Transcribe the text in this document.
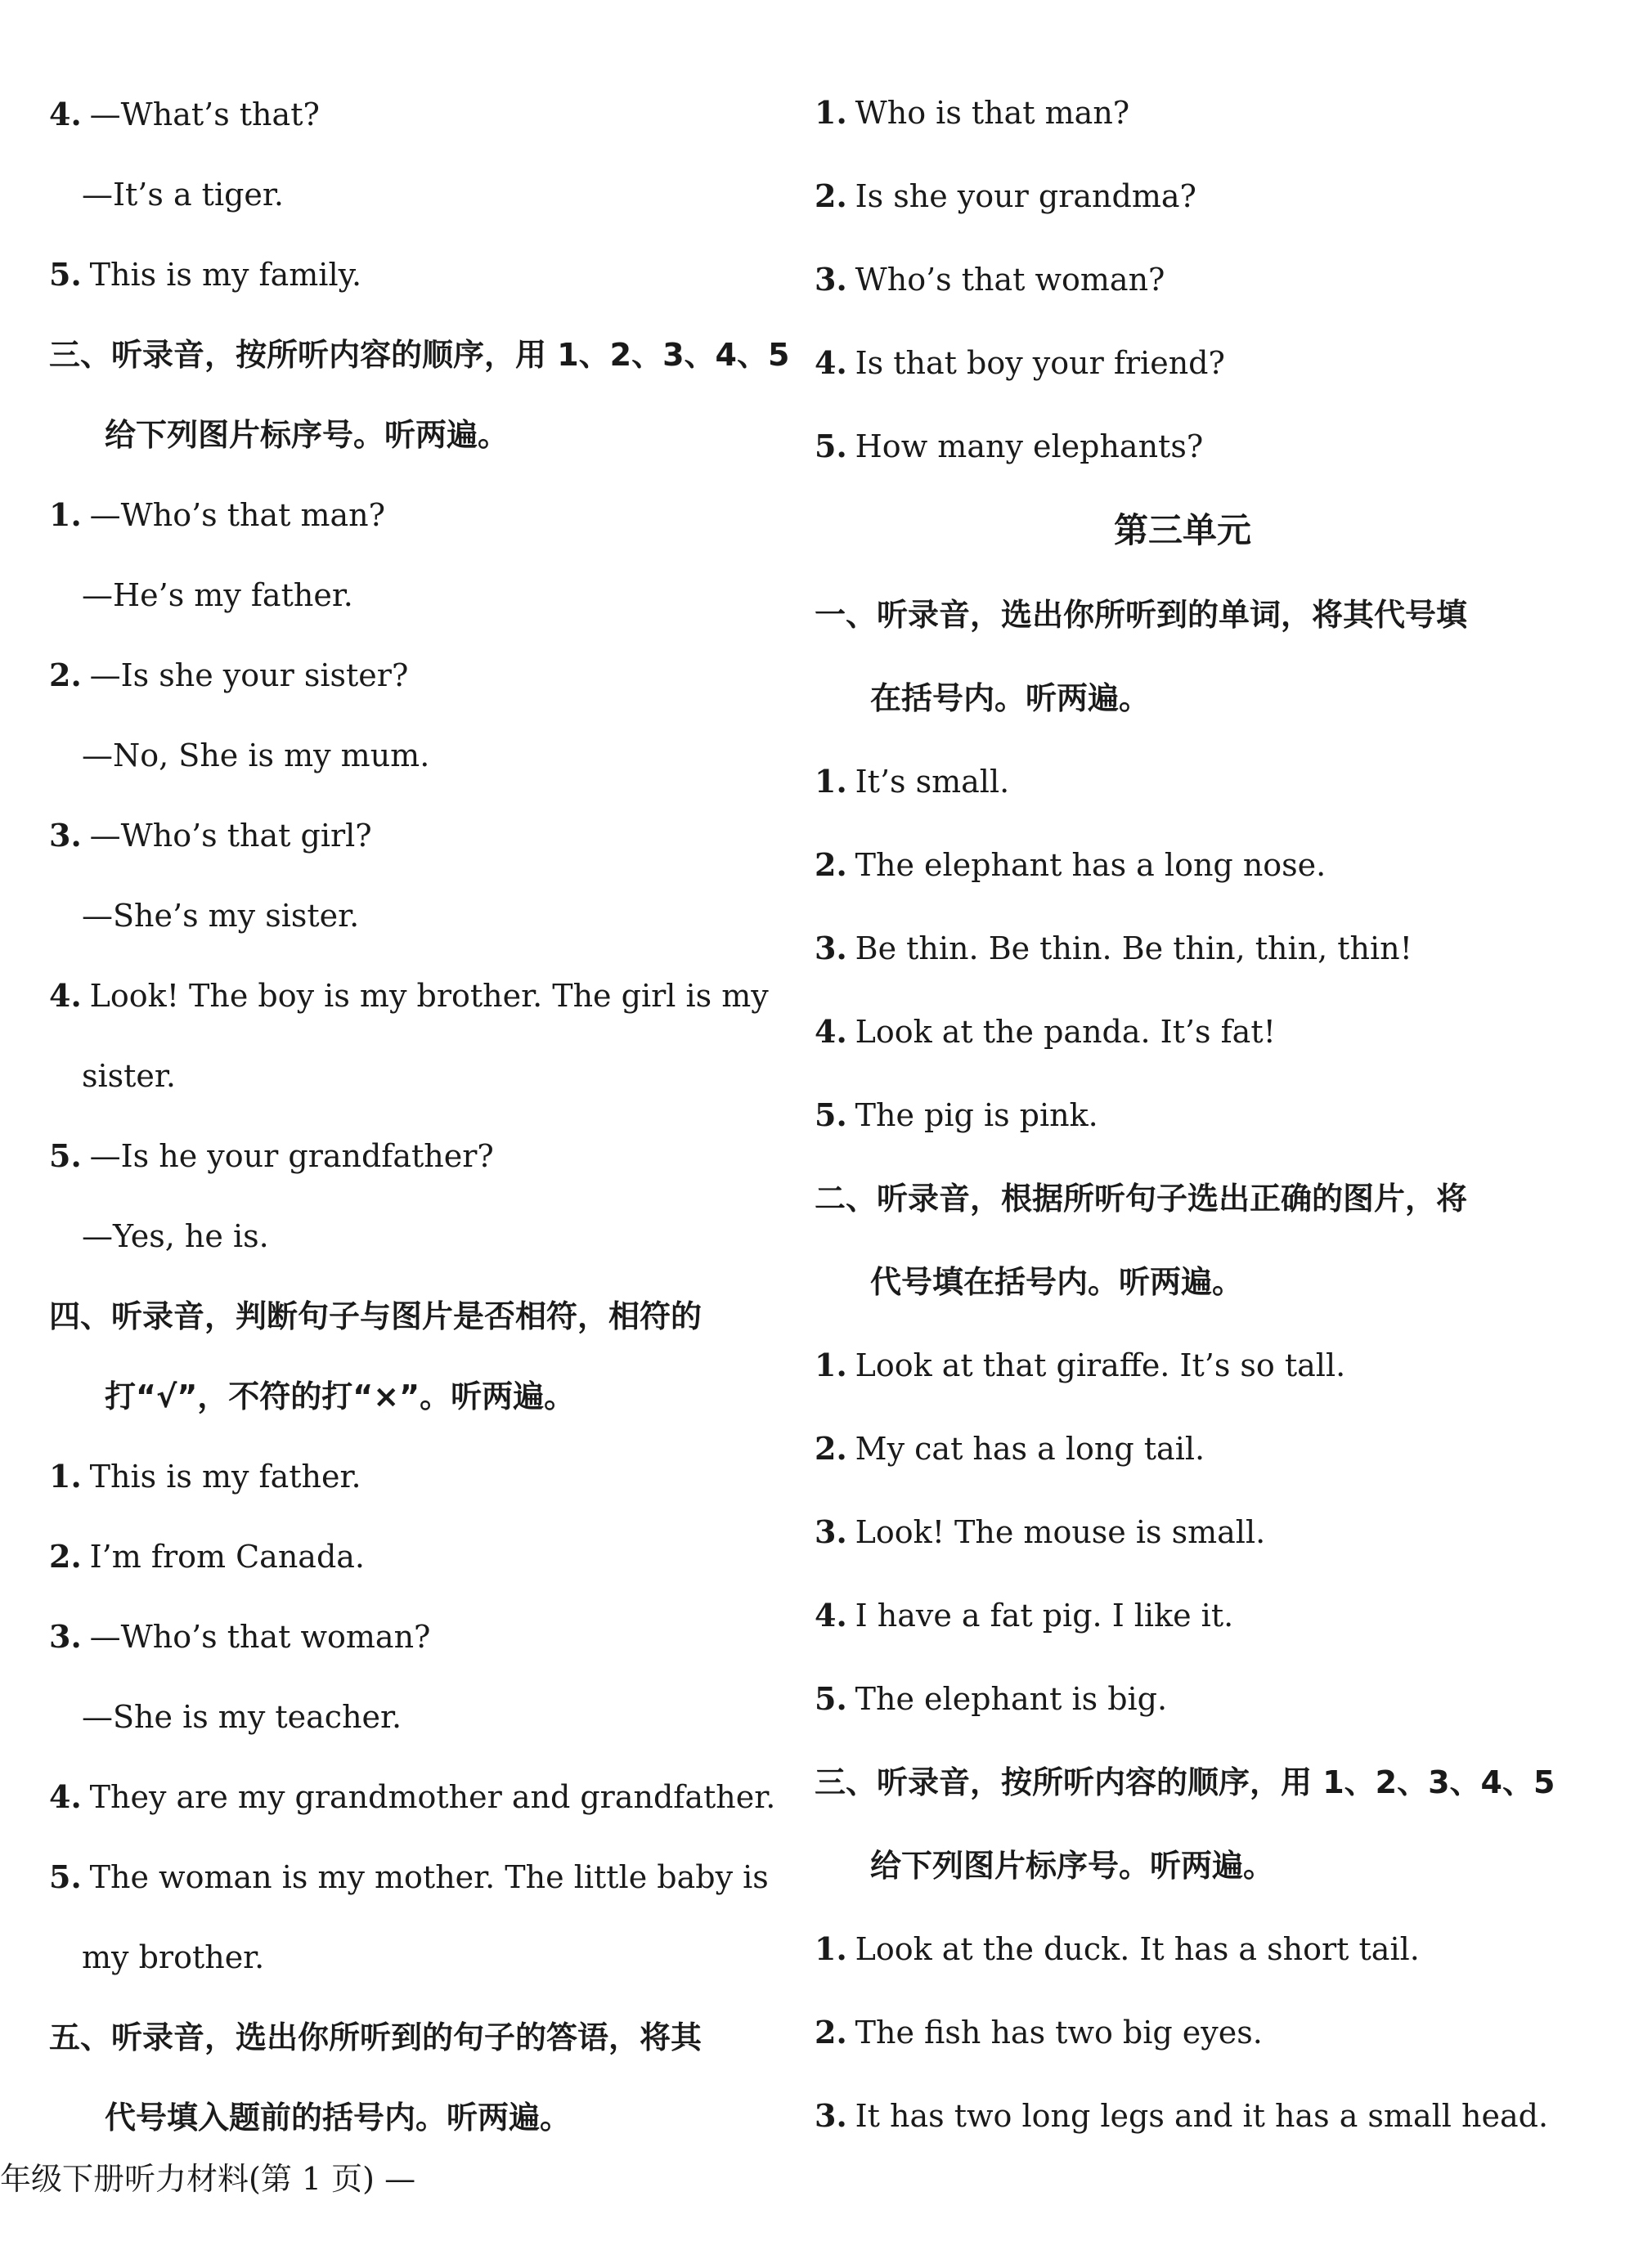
4. —What’s that?
—It’s a tiger.
5. This is my family.
三、听录音，按所听内容的顺序，用 1、2、3、4、5
给下列图片标序号。听两遍。
1. —Who’s that man?
—He’s my father.
2. —Is she your sister?
—No, She is my mum.
3. —Who’s that girl?
—She’s my sister.
4. Look! The boy is my brother. The girl is my
sister.
5. —Is he your grandfather?
—Yes, he is.
四、听录音，判断句子与图片是否相符，相符的
打“√”，不符的打“×”。听两遍。
1. This is my father.
2. I’m from Canada.
3. —Who’s that woman?
—She is my teacher.
4. They are my grandmother and grandfather.
5. The woman is my mother. The little baby is
my brother.
五、听录音，选出你所听到的句子的答语，将其
代号填入题前的括号内。听两遍。
1. Who is that man?
2. Is she your grandma?
3. Who’s that woman?
4. Is that boy your friend?
5. How many elephants?
第三单元
一、听录音，选出你所听到的单词，将其代号填
在括号内。听两遍。
1. It’s small.
2. The elephant has a long nose.
3. Be thin. Be thin. Be thin, thin, thin!
4. Look at the panda. It’s fat!
5. The pig is pink.
二、听录音，根据所听句子选出正确的图片，将
代号填在括号内。听两遍。
1. Look at that giraffe. It’s so tall.
2. My cat has a long tail.
3. Look! The mouse is small.
4. I have a fat pig. I like it.
5. The elephant is big.
三、听录音，按所听内容的顺序，用 1、2、3、4、5
给下列图片标序号。听两遍。
1. Look at the duck. It has a short tail.
2. The fish has two big eyes.
3. It has two long legs and it has a small head.
年级下册听力材料(第 1 页) —
